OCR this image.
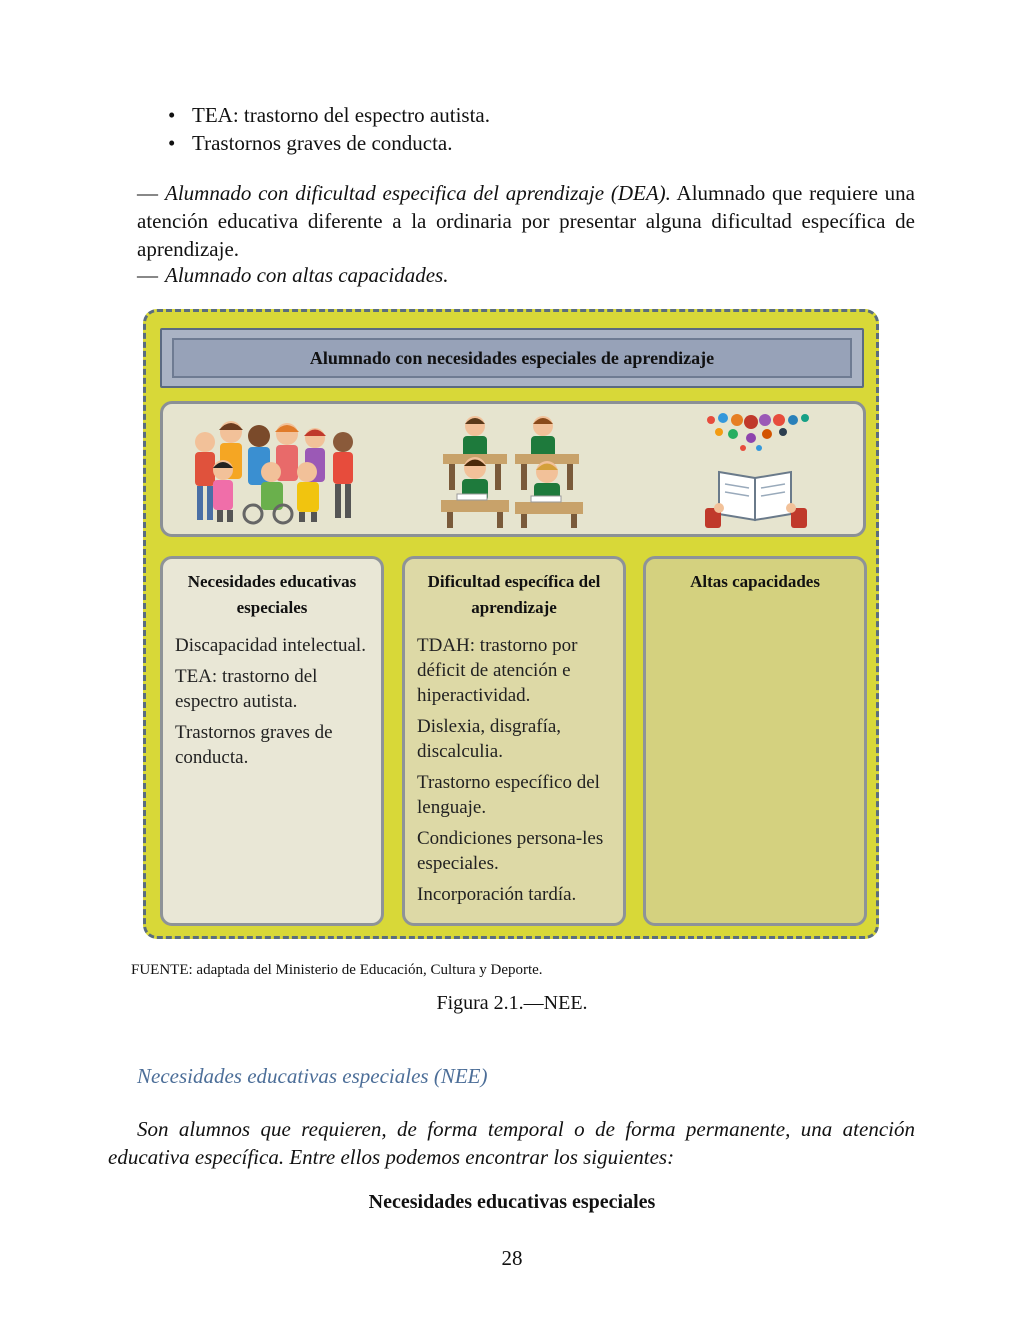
• TEA: trastorno del espectro autista.
• Trastornos graves de conducta.
— Alumnado con dificultad especifica del aprendizaje (DEA). Alumnado que requiere una atención educativa diferente a la ordinaria por presentar alguna dificultad específica de aprendizaje.
— Alumnado con altas capacidades.
Alumnado con necesidades especiales de aprendizaje
Necesidades educativas especiales
Discapacidad intelectual.
TEA: trastorno del espectro autista.
Trastornos graves de conducta.
Dificultad específica del aprendizaje
TDAH: trastorno por déficit de atención e hiperactividad.
Dislexia, disgrafía, discalculia.
Trastorno específico del lenguaje.
Condiciones persona-les especiales.
Incorporación tardía.
Altas capacidades
FUENTE: adaptada del Ministerio de Educación, Cultura y Deporte.
Figura 2.1.—NEE.
Necesidades educativas especiales (NEE)
Son alumnos que requieren, de forma temporal o de forma permanente, una atención educativa específica. Entre ellos podemos encontrar los siguientes:
Necesidades educativas especiales
28
